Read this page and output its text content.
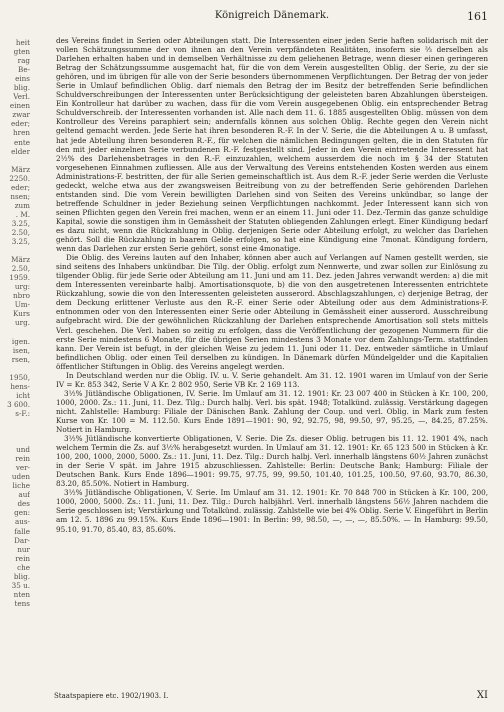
heit
gten
rag
Be-
eins
blig.
Verl.
einen
zwar
eder;
hren
ente
elder

März
2250.
eder;
nsen;
zum
. M.
3.25,
2.50,
3.25,

März
2.50,
1959.
urg:
nbro
Um-
Kurs
urg.

igen.
isen,
rsen,

1950,
hens-
icht
3 600.
s-F.:

und
rein
ver-
uden
liche
auf
des
gen:
aus-
falle
Dar-
nur
rein
che
blig.
35 u.
nten
tens
Königreich Dänemark.	161

des Vereins findet in Serien oder Abteilungen statt. Die Interessenten einer jeden Serie haften solidarisch mit der vollen Schätzungssumme der von ihnen an den Verein verpfändeten Realitäten, insofern sie ⅔ derselben als Darlehen erhalten haben und in demselben Verhältnisse zu dem geliehenen Betrage, wenn dieser einen geringeren Betrag der Schätzungssumme ausgemacht hat, für die von dem Verein ausgestellten Oblig. der Serie, zu der sie gehören, und im übrigen für alle von der Serie besonders übernommenen Verpflichtungen. Der Betrag der von jeder Serie in Umlauf befindlichen Oblig. darf niemals den Betrag der im Besitz der betreffenden Serie befindlichen Schuldverschreibungen der Interessenten unter Berücksichtigung der geleisteten baren Abzahlungen übersteigen. Ein Kontrolleur hat darüber zu wachen, dass für die vom Verein ausgegebenen Oblig. ein entsprechender Betrag Schuldverschreib. der Interessenten vorhanden ist. Alle nach dem 11. 6. 1885 ausgestellten Oblig. müssen von dem Kontrolleur des Vereins paraphiert sein; andernfalls können aus solchen Oblig. Rechte gegen den Verein nicht geltend gemacht werden. Jede Serie hat ihren besonderen R.-F. In der V. Serie, die die Abteilungen A u. B umfasst, hat jede Abteilung ihren besonderen R.-F., für welchen die nämlichen Bedingungen gelten, die in den Statuten für den mit jeder einzelnen Serie verbundenen R.-F. festgestellt sind. Jeder in den Verein eintretende Interessent hat 2½% des Darlehensbetrages in den R.-F. einzuzahlen, welchem ausserdem die noch im § 34 der Statuten vorgesehenen Einnahmen zufliessen. Alle aus der Verwaltung des Vereins entstehenden Kosten werden aus einem Administrations-F. bestritten, der für alle Serien gemeinschaftlich ist. Aus dem R.-F. jeder Serie werden die Verluste gedeckt, welche etwa aus der zwangsweisen Beitreibung von zu der betreffenden Serie gehörenden Darlehen entstanden sind. Die vom Verein bewilligten Darlehen sind von Seiten des Vereins unkündbar, so lange der betreffende Schuldner in jeder Beziehung seinen Verpflichtungen nachkommt. Jeder Interessent kann sich von seinen Pflichten gegen den Verein frei machen, wenn er an einem 11. Juni oder 11. Dez.-Termin das ganze schuldige Kapital, sowie die sonstigen ihm in Gemässheit der Statuten obliegenden Zahlungen erlegt. Einer Kündigung bedarf es dazu nicht, wenn die Rückzahlung in Oblig. derjenigen Serie oder Abteilung erfolgt, zu welcher das Darlehen gehört. Soll die Rückzahlung in baarem Gelde erfolgen, so hat eine Kündigung eine 7monat. Kündigung fordern, wenn das Darlehen zur ersten Serie gehört, sonst eine 4monatige.

Die Oblig. des Vereins lauten auf den Inhaber, können aber auch auf Verlangen auf Namen gestellt werden, sie sind seitens des Inhabers unkündbar. Die Tilg. der Oblig. erfolgt zum Nennwerte, und zwar sollen zur Einlösung zu tilgender Oblig. für jede Serie oder Abteilung am 11. Juni und am 11. Dez. jeden Jahres verwandt werden: a) die mit dem Interessenten vereinbarte halbj. Amortisationsquote, b) die von den ausgetretenen Interessenten entrichtete Rückzahlung, sowie die von den Interessenten geleisteten ausserord. Abschlagszahlungen, c) derjenige Betrag, der dem Deckung erlittener Verluste aus den R.-F. einer Serie oder Abteilung oder aus dem Administrations-F. entnommen oder von den Interessenten einer Serie oder Abteilung in Gemässheit einer ausserord. Ausschreibung aufgebracht wird. Die der gewöhnlichen Rückzahlung der Darlehen entsprechende Amortisation soll stets mittels Verl. geschehen. Die Verl. haben so zeitig zu erfolgen, dass die Veröffentlichung der gezogenen Nummern für die erste Serie mindestens 6 Monate, für die übrigen Serien mindestens 3 Monate vor dem Zahlungs-Term. stattfinden kann. Der Verein ist befugt, in der gleichen Weise zu jedem 11. Juni oder 11. Dez. entweder sämtliche in Umlauf befindlichen Oblig. oder einen Teil derselben zu kündigen. In Dänemark dürfen Mündelgelder und die Kapitalien öffentlicher Stiftungen in Oblig. des Vereins angelegt werden.

In Deutschland werden nur die Oblig. IV. u. V. Serie gehandelt. Am 31. 12. 1901 waren im Umlauf von der Serie IV = Kr. 853 342, Serie V A Kr. 2 802 950, Serie VB Kr. 2 169 113.

3½% Jütländische Obligationen, IV. Serie. Im Umlauf am 31. 12. 1901: Kr. 23 007 400 in Stücken à Kr. 100, 200, 1000, 2000. Zs.: 11. Juni, 11. Dez. Tilg.: Durch halbj. Verl. bis spät. 1948; Totalkünd. zulässig. Verstärkung dagegen nicht. Zahlstelle: Hamburg: Filiale der Dänischen Bank. Zahlung der Coup. und verl. Oblig. in Mark zum festen Kurse von Kr. 100 = M. 112.50. Kurs Ende 1891—1901: 90, 92, 92.75, 98, 99.50, 97, 95.25, —, 84.25, 87.25%. Notiert in Hamburg.

3½% Jütländische konvertierte Obligationen, V. Serie. Die Zs. dieser Oblig. betrugen bis 11. 12. 1901 4%, nach welchem Termin die Zs. auf 3½% herabgesetzt wurden. In Umlauf am 31. 12. 1901: Kr. 65 123 500 in Stücken à Kr. 100, 200, 1000, 2000, 5000. Zs.: 11. Juni, 11. Dez. Tilg.: Durch halbj. Verl. innerhalb längstens 60½ Jahren zunächst in der Serie V spät. im Jahre 1915 abzuschliessen. Zahlstelle: Berlin: Deutsche Bank; Hamburg: Filiale der Deutschen Bank. Kurs Ende 1896—1901: 99.75, 97.75, 99, 99.50, 101.40, 101.25, 100.50, 97.60, 93.70, 86.30, 83.20, 85.50%. Notiert in Hamburg.

3½% Jütländische Obligationen, V. Serie. Im Umlauf am 31. 12. 1901: Kr. 70 848 700 in Stücken à Kr. 100, 200, 1000, 2000, 5000. Zs.: 11. Juni, 11. Dez. Tilg.: Durch halbjährl. Verl. innerhalb längstens 56½ Jahren nachdem die Serie geschlossen ist; Verstärkung und Totalkünd. zulässig. Zahlstelle wie bei 4% Oblig. Serie V. Eingeführt in Berlin am 12. 5. 1896 zu 99.15%. Kurs Ende 1896—1901: In Berlin: 99, 98.50, —, —, —, 85.50%. — In Hamburg: 99.50, 95.10, 91.70, 85.40, 83, 85.60%.

Staatspapiere etc. 1902/1903. I.	XI
